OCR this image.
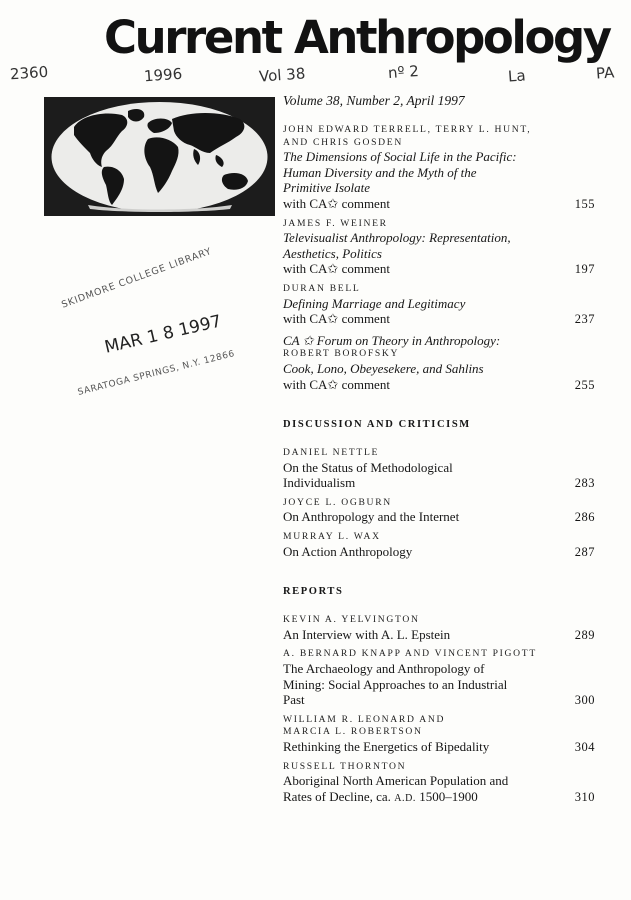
Current Anthropology
2360	1996	Vol 38	nº 2	La	PA
Volume 38, Number 2, April 1997
SKIDMORE COLLEGE LIBRARY
MAR 1 8 1997
SARATOGA SPRINGS, N.Y. 12866
JOHN EDWARD TERRELL, TERRY L. HUNT,
AND CHRIS GOSDEN
The Dimensions of Social Life in the Pacific:
Human Diversity and the Myth of the
Primitive Isolate
with CA✩ comment	155
JAMES F. WEINER
Televisualist Anthropology: Representation,
Aesthetics, Politics
with CA✩ comment	197
DURAN BELL
Defining Marriage and Legitimacy
with CA✩ comment	237
CA ✩ Forum on Theory in Anthropology:
ROBERT BOROFSKY
Cook, Lono, Obeyesekere, and Sahlins
with CA✩ comment	255
DISCUSSION AND CRITICISM
DANIEL NETTLE
On the Status of Methodological
Individualism	283
JOYCE L. OGBURN
On Anthropology and the Internet	286
MURRAY L. WAX
On Action Anthropology	287
REPORTS
KEVIN A. YELVINGTON
An Interview with A. L. Epstein	289
A. BERNARD KNAPP AND VINCENT PIGOTT
The Archaeology and Anthropology of
Mining: Social Approaches to an Industrial
Past	300
WILLIAM R. LEONARD AND
MARCIA L. ROBERTSON
Rethinking the Energetics of Bipedality	304
RUSSELL THORNTON
Aboriginal North American Population and
Rates of Decline, ca. A.D. 1500–1900	310
